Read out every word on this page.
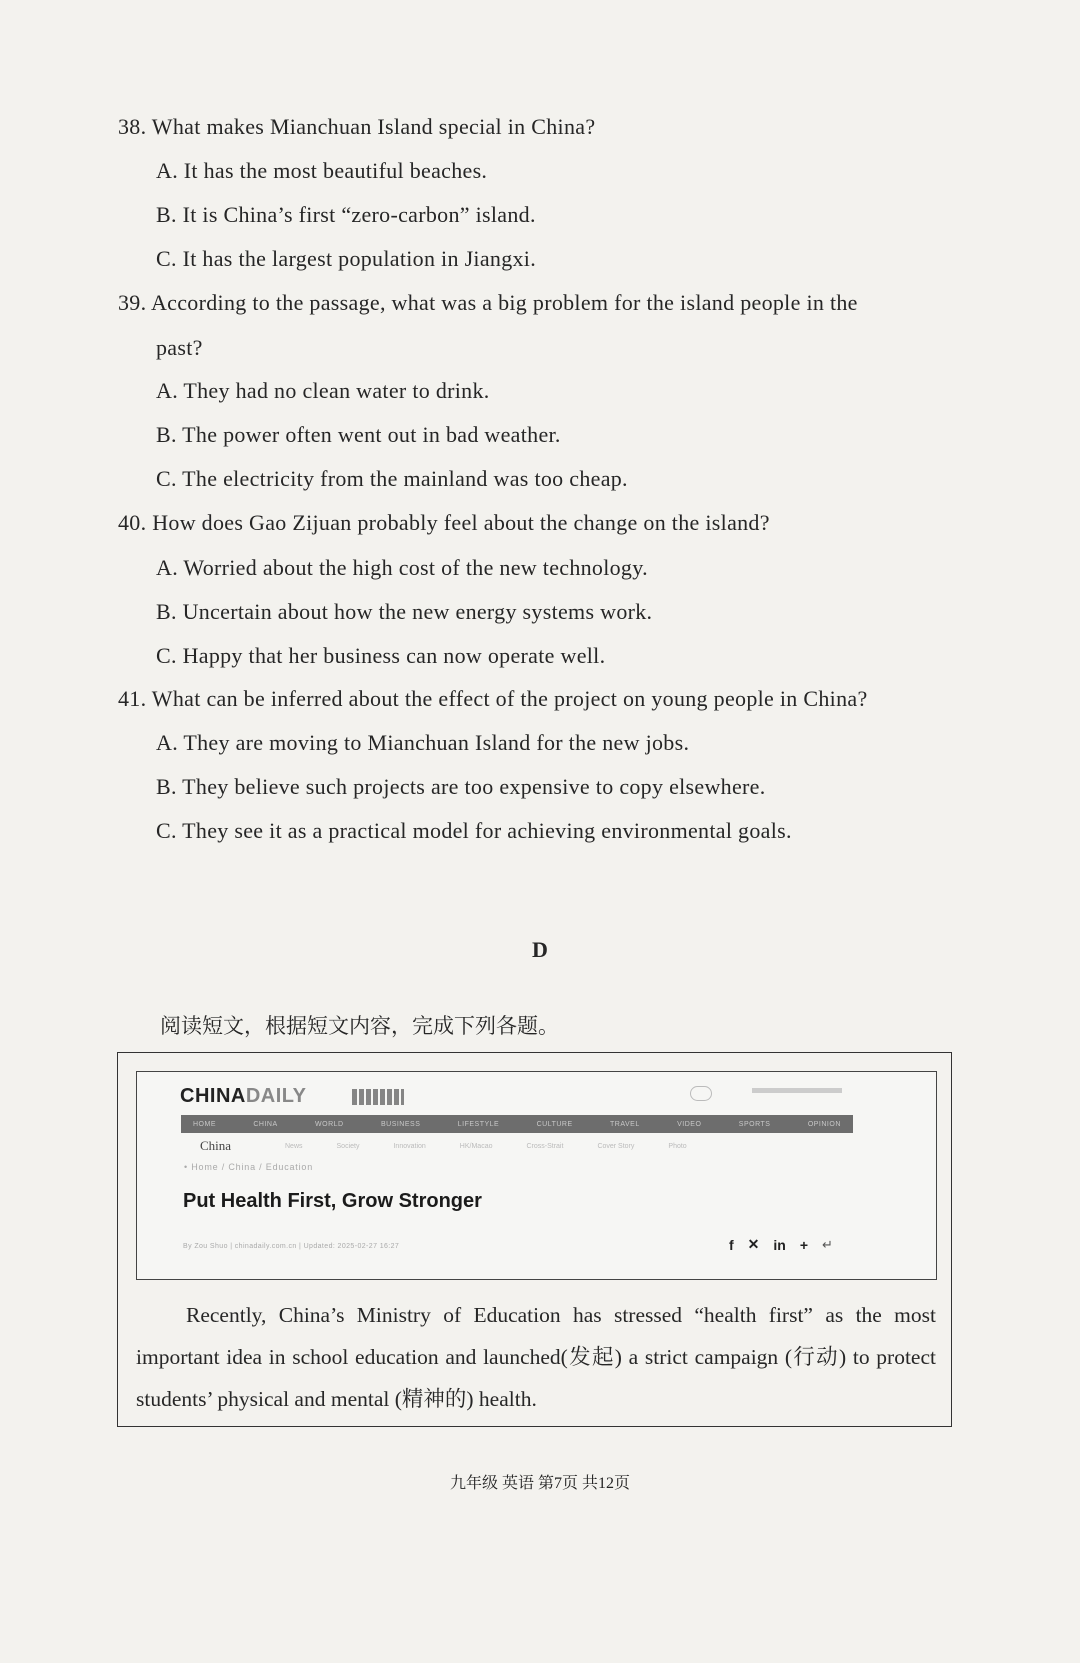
38. What makes Mianchuan Island special in China?
A. It has the most beautiful beaches.
B. It is China’s first “zero-carbon” island.
C. It has the largest population in Jiangxi.
39. According to the passage, what was a big problem for the island people in the
past?
A. They had no clean water to drink.
B. The power often went out in bad weather.
C. The electricity from the mainland was too cheap.
40. How does Gao Zijuan probably feel about the change on the island?
A. Worried about the high cost of the new technology.
B. Uncertain about how the new energy systems work.
C. Happy that her business can now operate well.
41. What can be inferred about the effect of the project on young people in China?
A. They are moving to Mianchuan Island for the new jobs.
B. They believe such projects are too expensive to copy elsewhere.
C. They see it as a practical model for achieving environmental goals.
D
阅读短文，根据短文内容，完成下列各题。
CHINADAILY
HOME	CHINA	WORLD	BUSINESS	LIFESTYLE	CULTURE	TRAVEL	VIDEO	SPORTS	OPINION
China	News	Society	Innovation	HK/Macao	Cross-Strait	Cover Story	Photo
• Home / China / Education
Put Health First, Grow Stronger
By Zou Shuo | chinadaily.com.cn | Updated: 2025-02-27 16:27	f ✕ in + ↵
Recently, China’s Ministry of Education has stressed “health first” as the most important idea in school education and launched(发起) a strict campaign (行动) to protect students’ physical and mental (精神的) health.
九年级 英语 第7页 共12页
